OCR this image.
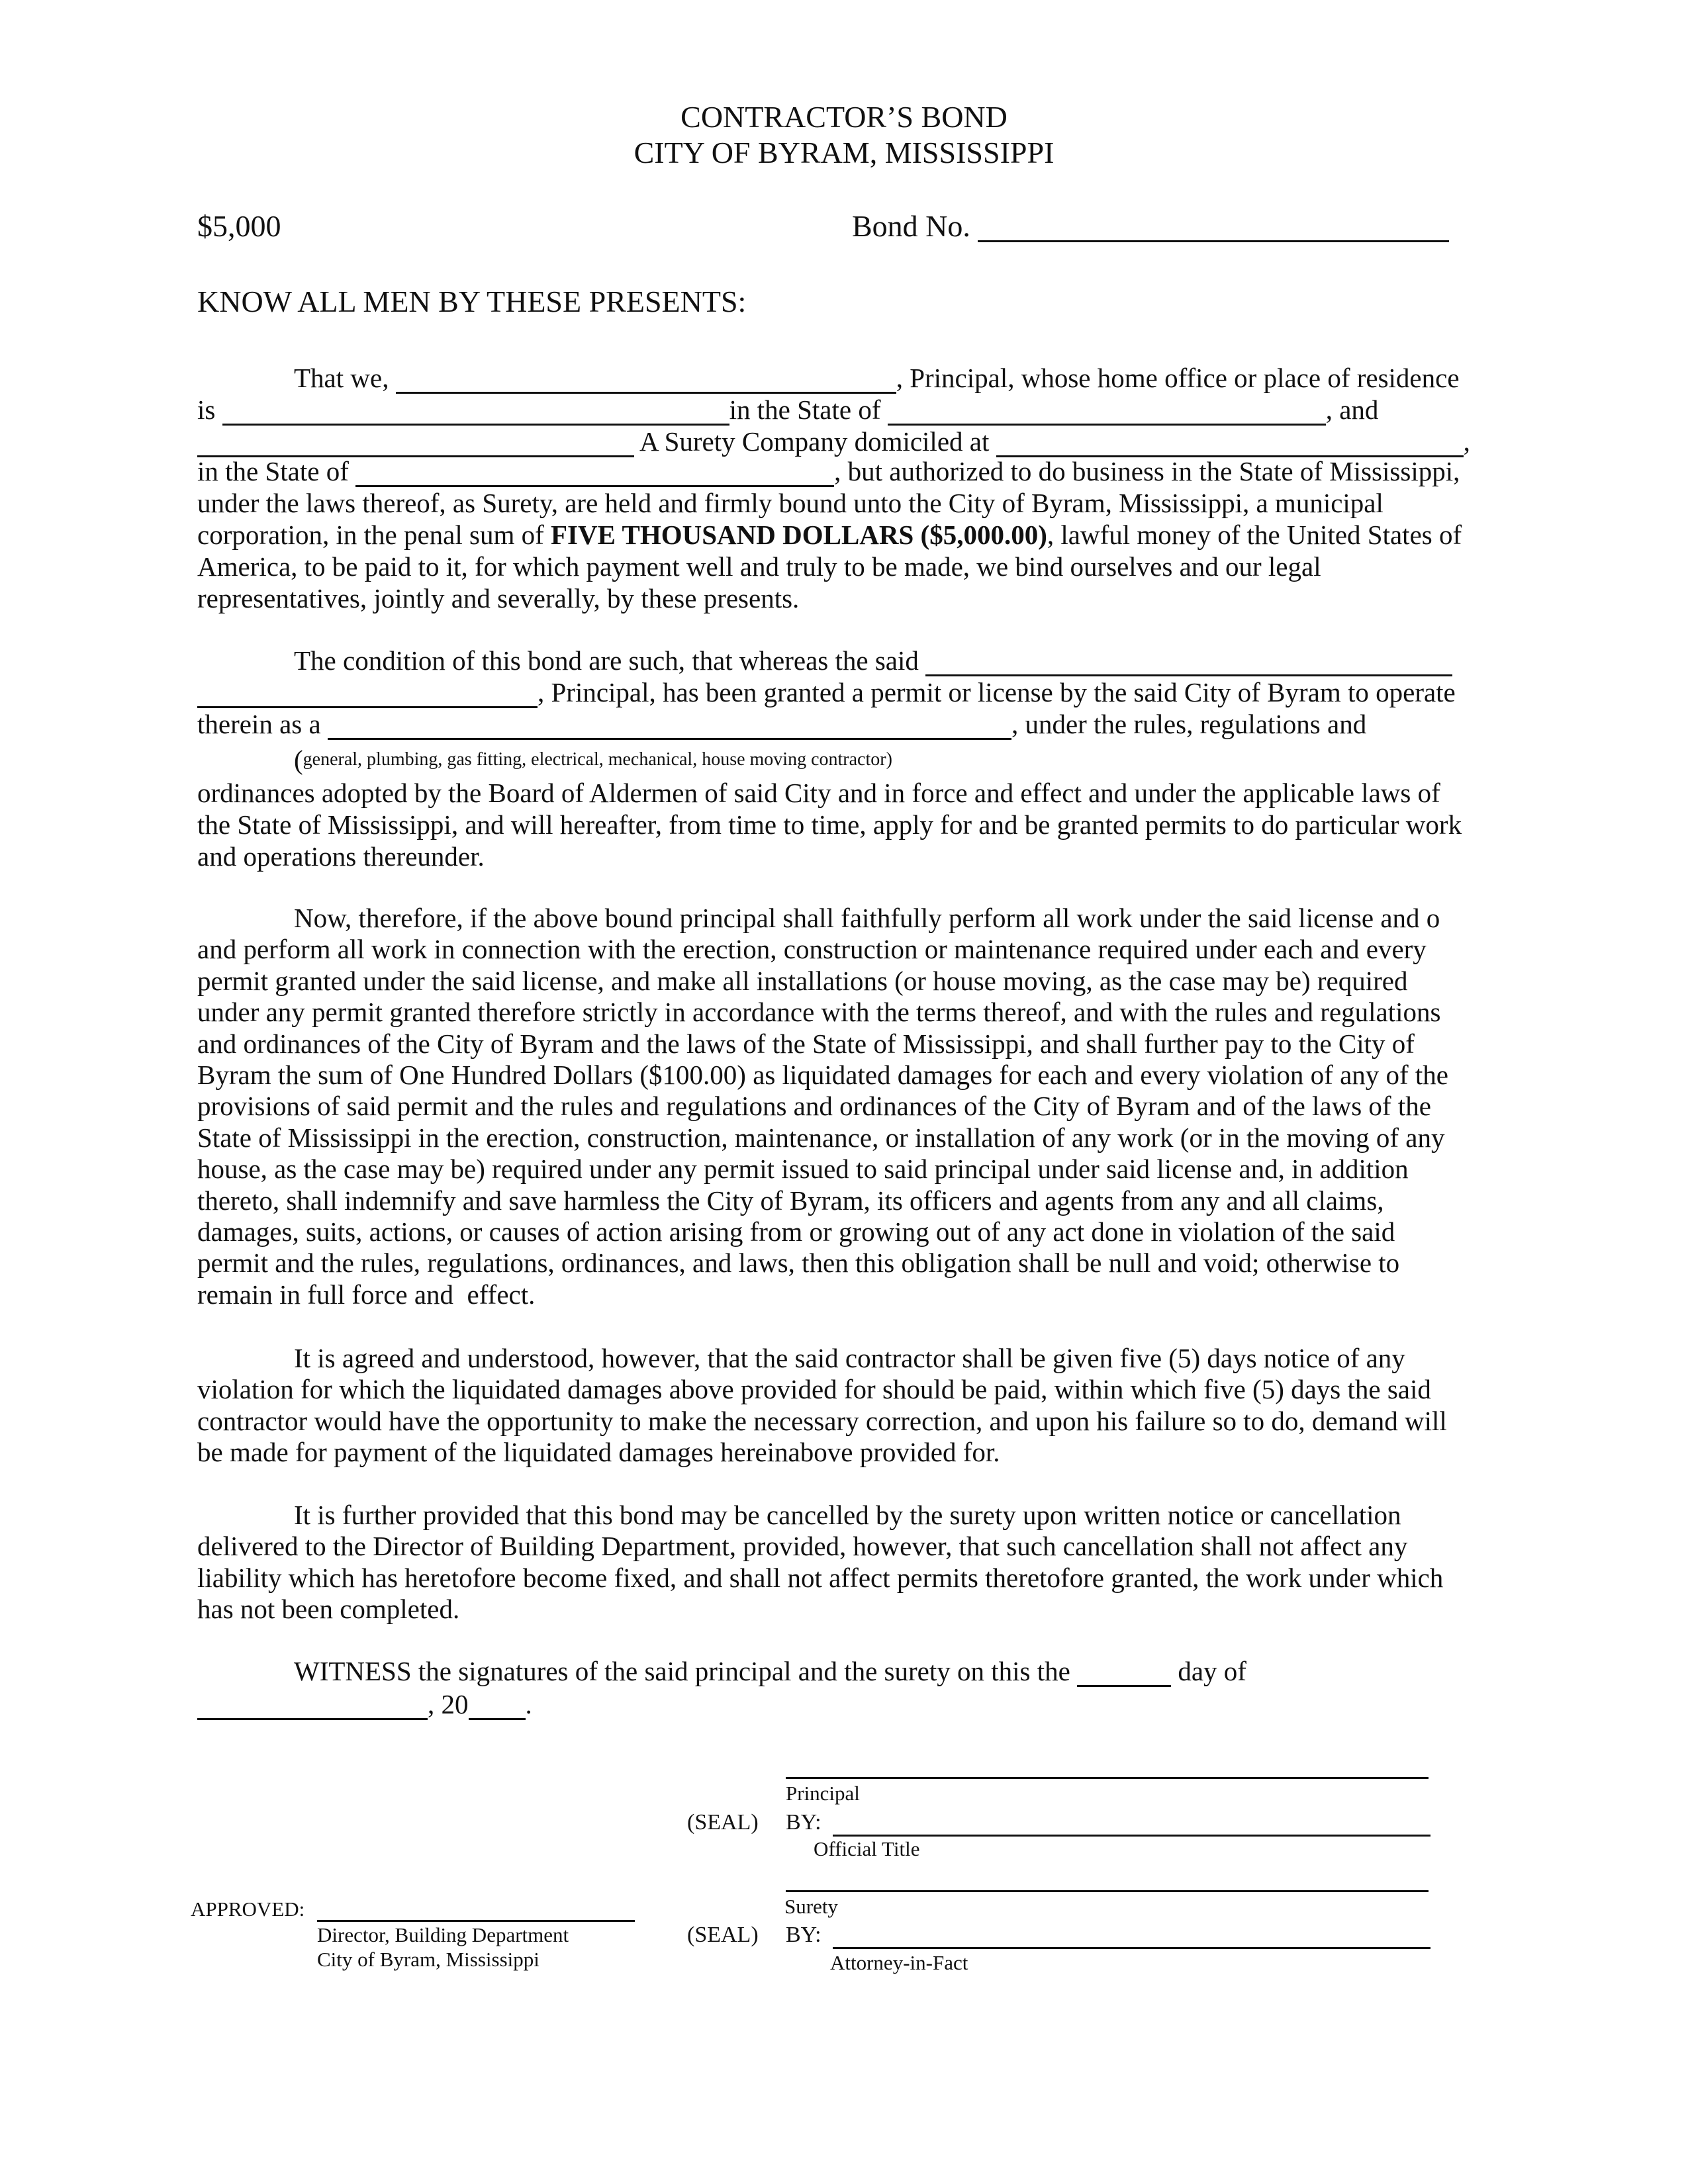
CONTRACTOR’S BOND
CITY OF BYRAM, MISSISSIPPI
$5,000	Bond No.

KNOW ALL MEN BY THESE PRESENTS:
That we,	, Principal, whose home office or place of residence
is	in the State of	, and
A Surety Company domiciled at	,
in the State of	, but authorized to do business in the State of Mississippi,
under the laws thereof, as Surety, are held and firmly bound unto the City of Byram, Mississippi, a municipal
corporation, in the penal sum of FIVE THOUSAND DOLLARS ($5,000.00) , lawful money of the United States of
America, to be paid to it, for which payment well and truly to be made, we bind ourselves and our legal
representatives, jointly and severally, by these presents.
The condition of this bond are such, that whereas the said
, Principal, has been granted a permit or license by the said City of Byram to operate
therein as a	, under the rules, regulations and
( general, plumbing, gas fitting, electrical, mechanical, house moving contractor)
ordinances adopted by the Board of Aldermen of said City and in force and effect and under the applicable laws of
the State of Mississippi, and will hereafter, from time to time, apply for and be granted permits to do particular work
and operations thereunder.
Now, therefore, if the above bound principal shall faithfully perform all work under the said license and o
and perform all work in connection with the erection, construction or maintenance required under each and every
permit granted under the said license, and make all installations (or house moving, as the case may be) required
under any permit granted therefore strictly in accordance with the terms thereof, and with the rules and regulations
and ordinances of the City of Byram and the laws of the State of Mississippi, and shall further pay to the City of
Byram the sum of One Hundred Dollars ($100.00) as liquidated damages for each and every violation of any of the
provisions of said permit and the rules and regulations and ordinances of the City of Byram and of the laws of the
State of Mississippi in the erection, construction, maintenance, or installation of any work (or in the moving of any
house, as the case may be) required under any permit issued to said principal under said license and, in addition
thereto, shall indemnify and save harmless the City of Byram, its officers and agents from any and all claims,
damages, suits, actions, or causes of action arising from or growing out of any act done in violation of the said
permit and the rules, regulations, ordinances, and laws, then this obligation shall be null and void; otherwise to
remain in full force and  effect.
It is agreed and understood, however, that the said contractor shall be given five (5) days notice of any
violation for which the liquidated damages above provided for should be paid, within which five (5) days the said
contractor would have the opportunity to make the necessary correction, and upon his failure so to do, demand will
be made for payment of the liquidated damages hereinabove provided for.
It is further provided that this bond may be cancelled by the surety upon written notice or cancellation
delivered to the Director of Building Department, provided, however, that such cancellation shall not affect any
liability which has heretofore become fixed, and shall not affect permits theretofore granted, the work under which
has not been completed.
WITNESS the signatures of the said principal and the surety on this the	day of
, 20 .
Principal
(SEAL) BY:
Official Title
Surety
APPROVED:
Director, Building Department
City of Byram, Mississippi
(SEAL) BY:
Attorney-in-Fact
